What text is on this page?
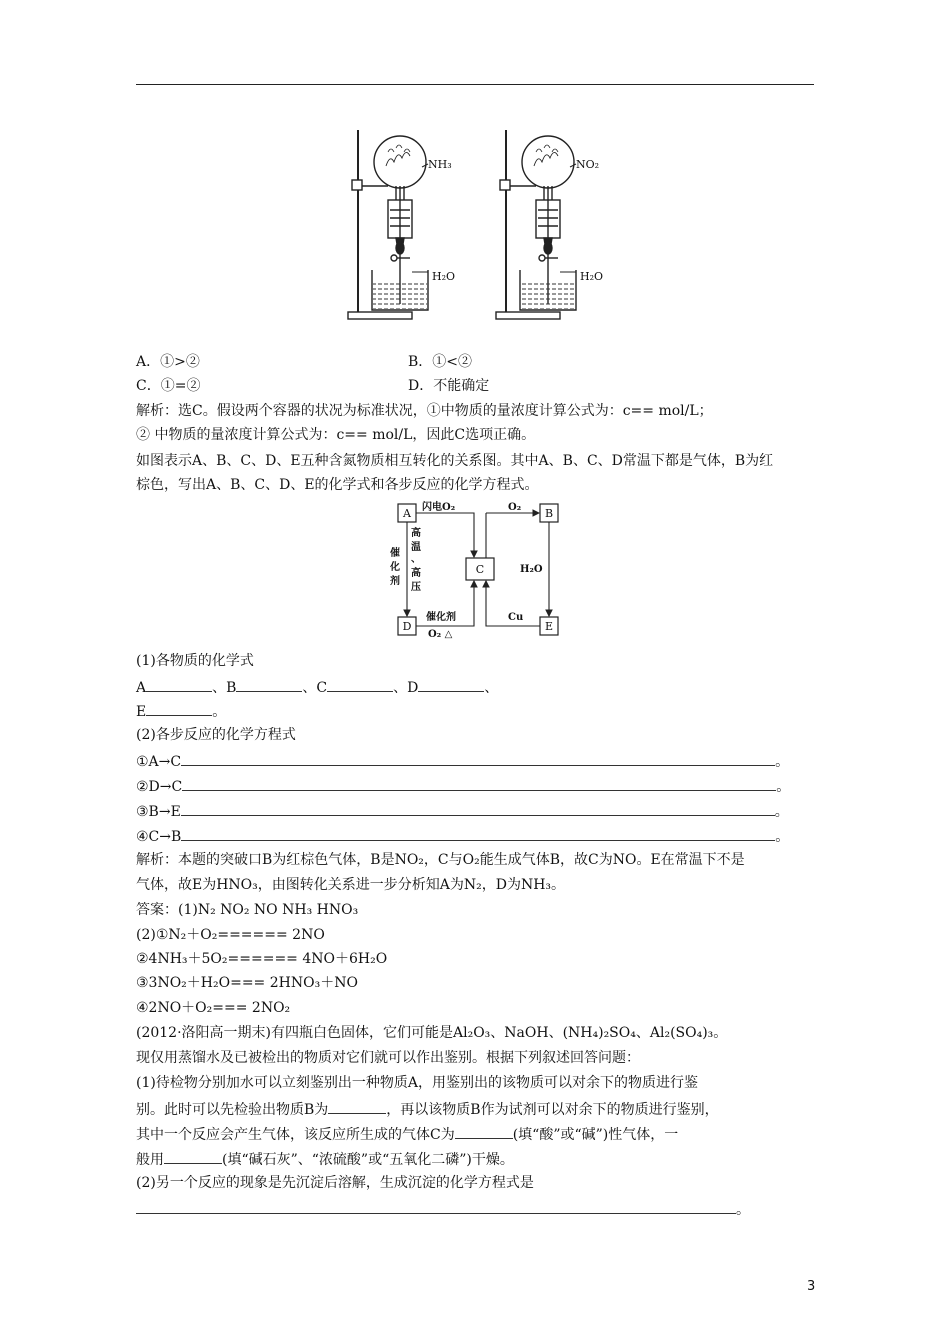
NH₃
H₂O
NO₂
H₂O
A．①>②	B．①<②
C．①=②	D．不能确定
解析：选C。假设两个容器的状况为标准状况，①中物质的量浓度计算公式为：c== mol/L；
② 中物质的量浓度计算公式为：c== mol/L，因此C选项正确。
如图表示A、B、C、D、E五种含氮物质相互转化的关系图。其中A、B、C、D常温下都是气体，B为红
棕色，写出A、B、C、D、E的化学式和各步反应的化学方程式。
A	B
C
D	E
闪电O₂	O₂
催
化
剂
高
温
、
高
压
H₂O
催化剂
O₂ △
Cu
(1)各物质的化学式
A	、B	、C	、D	、
E	。
(2)各步反应的化学方程式
①A→C	。
②D→C	。
③B→E	。
④C→B	。
解析：本题的突破口B为红棕色气体，B是NO₂，C与O₂能生成气体B，故C为NO。E在常温下不是
气体，故E为HNO₃，由图转化关系进一步分析知A为N₂，D为NH₃。
答案：(1)N₂ NO₂ NO NH₃ HNO₃
(2)①N₂＋O₂====== 2NO
②4NH₃＋5O₂====== 4NO＋6H₂O
③3NO₂＋H₂O=== 2HNO₃＋NO
④2NO＋O₂=== 2NO₂
(2012·洛阳高一期末)有四瓶白色固体，它们可能是Al₂O₃、NaOH、(NH₄)₂SO₄、Al₂(SO₄)₃。
现仅用蒸馏水及已被检出的物质对它们就可以作出鉴别。根据下列叙述回答问题：
(1)待检物分别加水可以立刻鉴别出一种物质A，用鉴别出的该物质可以对余下的物质进行鉴
别。此时可以先检验出物质B为	，再以该物质B作为试剂可以对余下的物质进行鉴别，
其中一个反应会产生气体，该反应所生成的气体C为	(填“酸”或“碱”)性气体，一
般用	(填“碱石灰”、“浓硫酸”或“五氧化二磷”)干燥。
(2)另一个反应的现象是先沉淀后溶解，生成沉淀的化学方程式是
。
3
